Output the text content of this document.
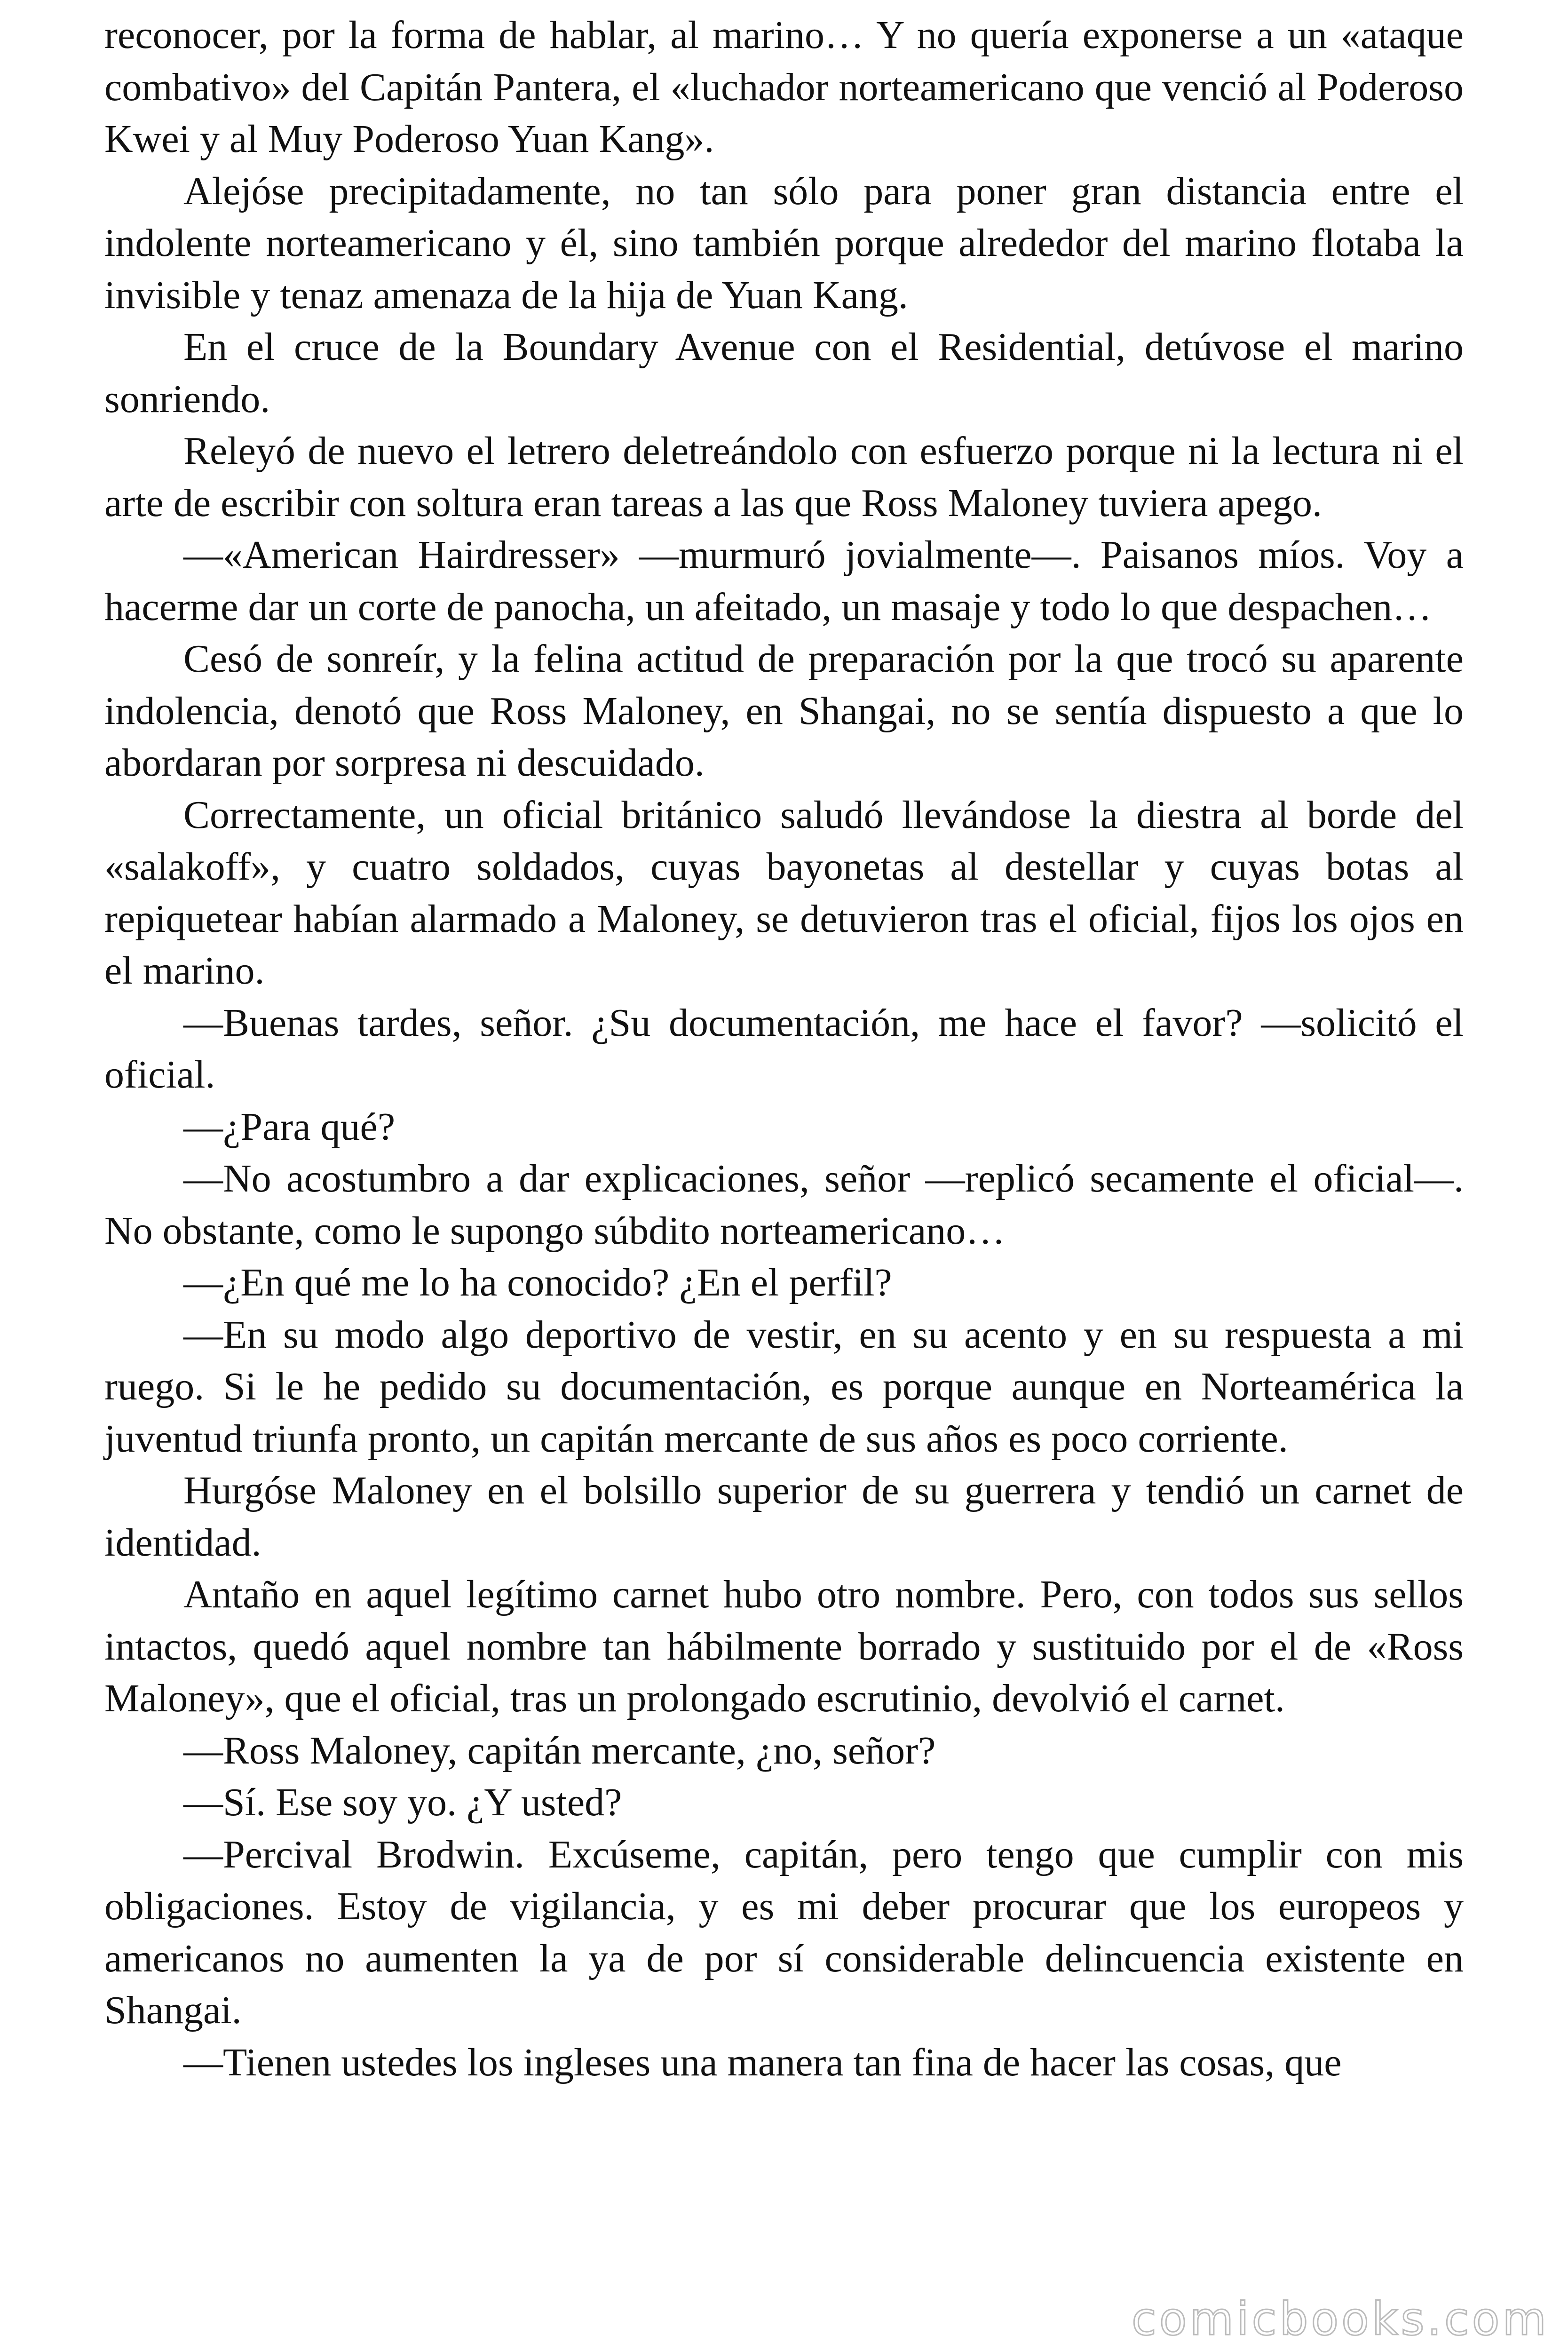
reconocer, por la forma de hablar, al marino… Y no quería exponerse a un «ataque combativo» del Capitán Pantera, el «luchador norteamericano que venció al Poderoso Kwei y al Muy Poderoso Yuan Kang».

Alejóse precipitadamente, no tan sólo para poner gran distancia entre el indolente norteamericano y él, sino también porque alrededor del marino flotaba la invisible y tenaz amenaza de la hija de Yuan Kang.

En el cruce de la Boundary Avenue con el Residential, detúvose el marino sonriendo.

Releyó de nuevo el letrero deletreándolo con esfuerzo porque ni la lectura ni el arte de escribir con soltura eran tareas a las que Ross Maloney tuviera apego.

—«American Hairdresser» —murmuró jovialmente—. Paisanos míos. Voy a hacerme dar un corte de panocha, un afeitado, un masaje y todo lo que despachen…

Cesó de sonreír, y la felina actitud de preparación por la que trocó su aparente indolencia, denotó que Ross Maloney, en Shangai, no se sentía dispuesto a que lo abordaran por sorpresa ni descuidado.

Correctamente, un oficial británico saludó llevándose la diestra al borde del «salakoff», y cuatro soldados, cuyas bayonetas al destellar y cuyas botas al repiquetear habían alarmado a Maloney, se detuvieron tras el oficial, fijos los ojos en el marino.

—Buenas tardes, señor. ¿Su documentación, me hace el favor? —solicitó el oficial.

—¿Para qué?

—No acostumbro a dar explicaciones, señor —replicó secamente el oficial—. No obstante, como le supongo súbdito norteamericano…

—¿En qué me lo ha conocido? ¿En el perfil?

—En su modo algo deportivo de vestir, en su acento y en su respuesta a mi ruego. Si le he pedido su documentación, es porque aunque en Norteamérica la juventud triunfa pronto, un capitán mercante de sus años es poco corriente.

Hurgóse Maloney en el bolsillo superior de su guerrera y tendió un carnet de identidad.

Antaño en aquel legítimo carnet hubo otro nombre. Pero, con todos sus sellos intactos, quedó aquel nombre tan hábilmente borrado y sustituido por el de «Ross Maloney», que el oficial, tras un prolongado escrutinio, devolvió el carnet.

—Ross Maloney, capitán mercante, ¿no, señor?

—Sí. Ese soy yo. ¿Y usted?

—Percival Brodwin. Excúseme, capitán, pero tengo que cumplir con mis obligaciones. Estoy de vigilancia, y es mi deber procurar que los europeos y americanos no aumenten la ya de por sí considerable delincuencia existente en Shangai.

—Tienen ustedes los ingleses una manera tan fina de hacer las cosas, que

comicbooks.com
